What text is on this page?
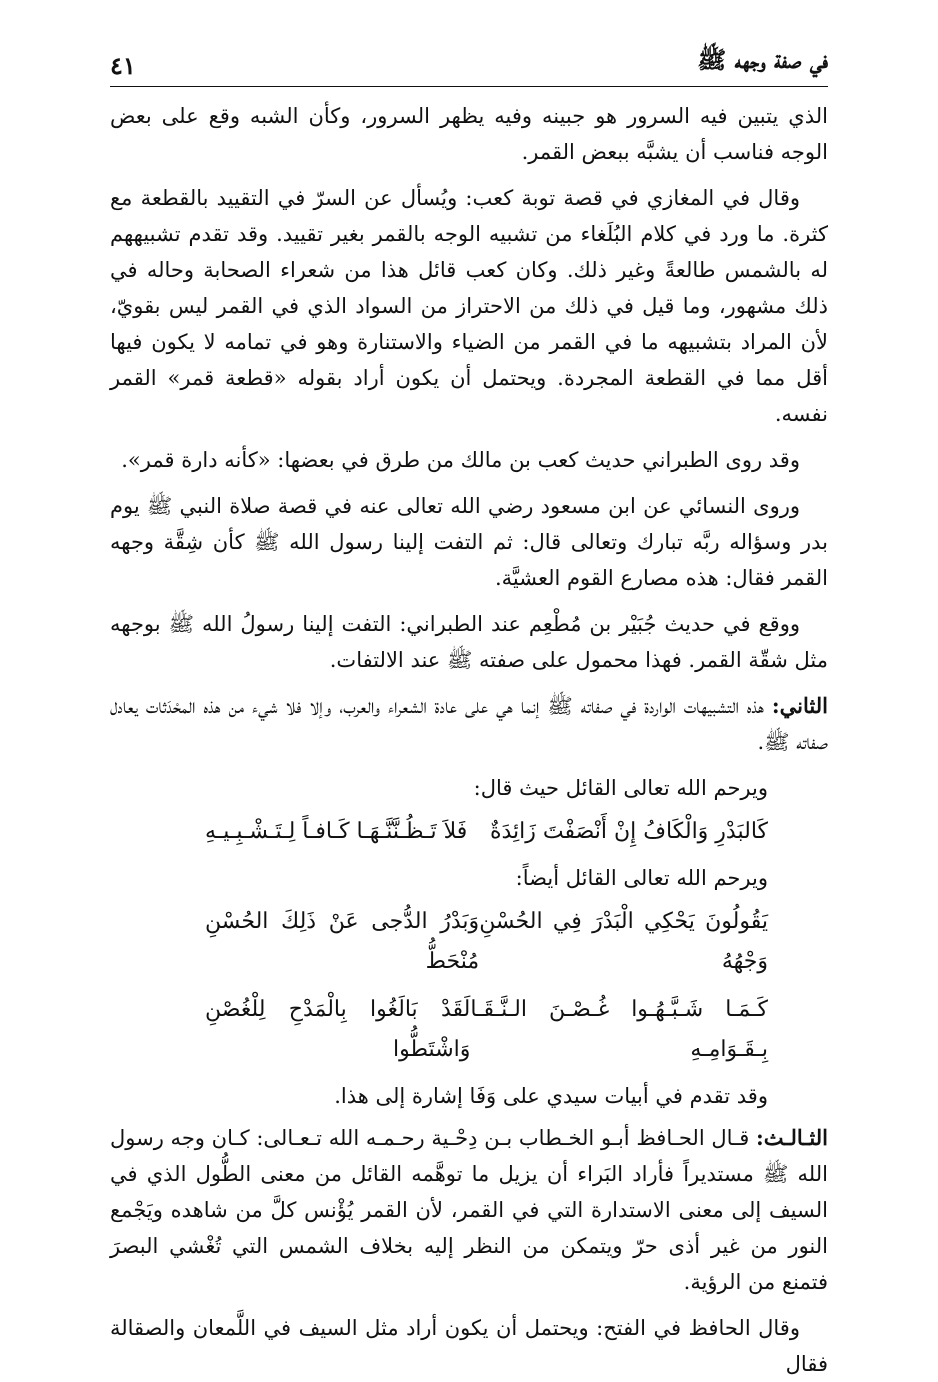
في صفة وجهه ﷺ
٤١

الذي يتبين فيه السرور هو جبينه وفيه يظهر السرور، وكأن الشبه وقع على بعض الوجه فناسب أن يشبَّه ببعض القمر.

وقال في المغازي في قصة توبة كعب: ويُسأل عن السرّ في التقييد بالقطعة مع كثرة. ما ورد في كلام البُلَغاء من تشبيه الوجه بالقمر بغير تقييد. وقد تقدم تشبيههم له بالشمس طالعةً وغير ذلك. وكان كعب قائل هذا من شعراء الصحابة وحاله في ذلك مشهور، وما قيل في ذلك من الاحتراز من السواد الذي في القمر ليس بقويّ، لأن المراد بتشبيهه ما في القمر من الضياء والاستنارة وهو في تمامه لا يكون فيها أقل مما في القطعة المجردة. ويحتمل أن يكون أراد بقوله «قطعة قمر» القمر نفسه.

وقد روى الطبراني حديث كعب بن مالك من طرق في بعضها: «كأنه دارة قمر».

وروى النسائي عن ابن مسعود رضي الله تعالى عنه في قصة صلاة النبي ﷺ يوم بدر وسؤاله ربَّه تبارك وتعالى قال: ثم التفت إلينا رسول الله ﷺ كأن شِقَّة وجهه القمر فقال: هذه مصارع القوم العشيَّة.

ووقع في حديث جُبَيْر بن مُطْعِم عند الطبراني: التفت إلينا رسولُ الله ﷺ بوجهه مثل شقّة القمر. فهذا محمول على صفته ﷺ عند الالتفات.

الثاني: هذه التشبيهات الواردة في صفاته ﷺ إنما هي على عادة الشعراء والعرب، وإلا فلا شيء من هذه المحْدَثات يعادل صفاته ﷺ.

ويرحم الله تعالى القائل حيث قال:

كَالبَدْرِ وَالْكَافُ إِنْ أَنْصَفْتَ زَائِدَةٌ
فَلاَ تَـظُـنَّنَّـهَـا كَـافـاً لِـتَـشْـبِـيـهِ

ويرحم الله تعالى القائل أيضاً:

يَقُولُونَ يَحْكِي الْبَدْرَ فِي الحُسْنِ وَجْهُهُ
وَبَدْرُ الدُّجى عَنْ ذَلِكَ الحُسْنِ مُنْحَطُّ
كَـمَـا شَـبَّـهُـوا غُـصْـنَ الـنَّـقَـا بِـقَـوَامِـهِ
لَقَدْ بَالَغُوا بِالْمَدْحِ لِلْغُصْنِ وَاشْتَطُّوا

وقد تقدم في أبيات سيدي على وَفَا إشارة إلى هذا.

الثـالـث: قـال الحـافظ أبـو الخـطاب بـن دِحْـية رحـمـه الله تـعـالى: كـان وجه رسول الله ﷺ مستديراً فأراد البَراء أن يزيل ما توهَّمه القائل من معنى الطُّول الذي في السيف إلى معنى الاستدارة التي في القمر، لأن القمر يُؤْنس كلَّ من شاهده ويَجْمع النور من غير أذى حرّ ويتمكن من النظر إليه بخلاف الشمس التي تُغْشي البصرَ فتمنع من الرؤية.

وقال الحافظ في الفتح: ويحتمل أن يكون أراد مثل السيف في اللَّمعان والصقالة فقال
